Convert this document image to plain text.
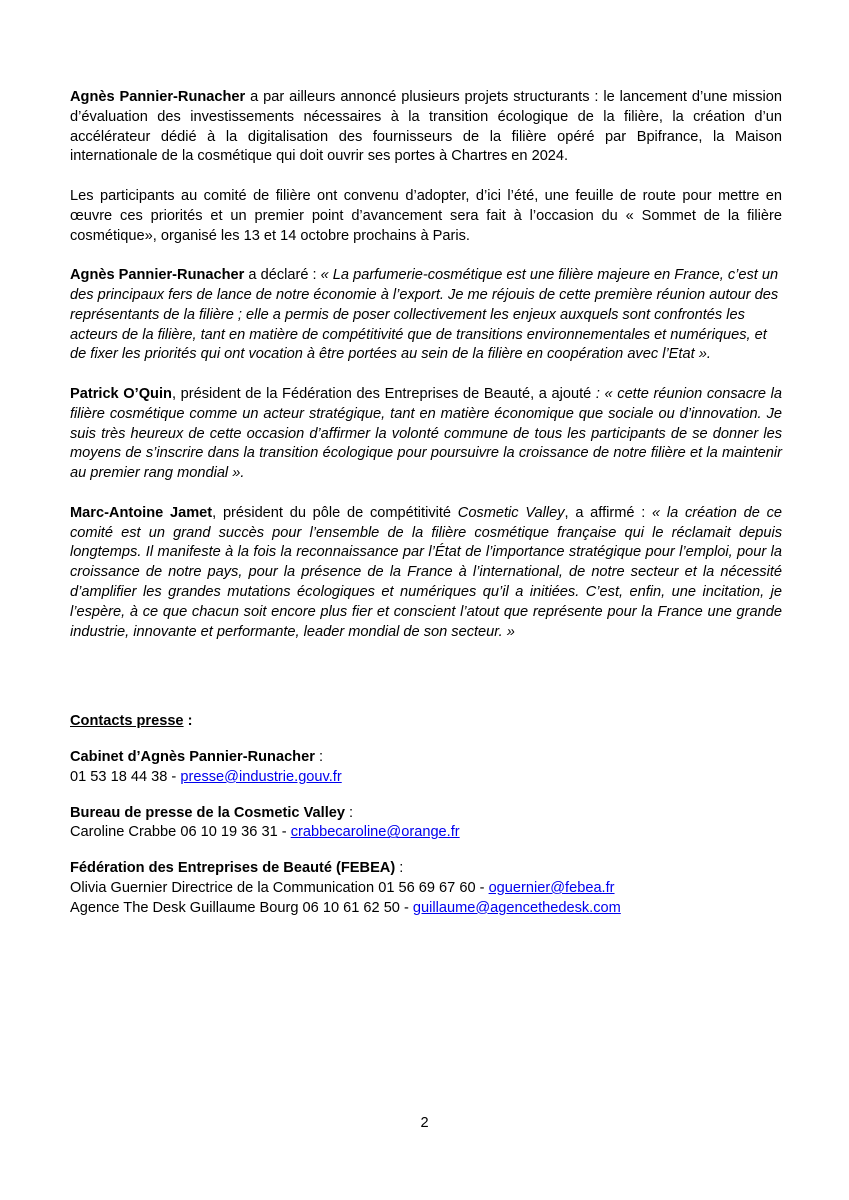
Agnès Pannier-Runacher a par ailleurs annoncé plusieurs projets structurants : le lancement d’une mission d’évaluation des investissements nécessaires à la transition écologique de la filière, la création d’un accélérateur dédié à la digitalisation des fournisseurs de la filière opéré par Bpifrance, la Maison internationale de la cosmétique qui doit ouvrir ses portes à Chartres en 2024.

Les participants au comité de filière ont convenu d’adopter, d’ici l’été, une feuille de route pour mettre en œuvre ces priorités et un premier point d’avancement sera fait à l’occasion du « Sommet de la filière cosmétique», organisé les 13 et 14 octobre prochains à Paris.

Agnès Pannier-Runacher a déclaré : « La parfumerie-cosmétique est une filière majeure en France, c’est un des principaux fers de lance de notre économie à l’export. Je me réjouis de cette première réunion autour des représentants de la filière ; elle a permis de poser collectivement les enjeux auxquels sont confrontés les acteurs de la filière, tant en matière de compétitivité que de transitions environnementales et numériques, et de fixer les priorités qui ont vocation à être portées au sein de la filière en coopération avec l’Etat ».

Patrick O’Quin, président de la Fédération des Entreprises de Beauté, a ajouté : « cette réunion consacre la filière cosmétique comme un acteur stratégique, tant en matière économique que sociale ou d’innovation. Je suis très heureux de cette occasion d’affirmer la volonté commune de tous les participants de se donner les moyens de s’inscrire dans la transition écologique pour poursuivre la croissance de notre filière et la maintenir au premier rang mondial ».

Marc-Antoine Jamet, président du pôle de compétitivité Cosmetic Valley, a affirmé : « la création de ce comité est un grand succès pour l’ensemble de la filière cosmétique française qui le réclamait depuis longtemps. Il manifeste à la fois la reconnaissance par l’État de l’importance stratégique pour l’emploi, pour la croissance de notre pays, pour la présence de la France à l’international, de notre secteur et la nécessité d’amplifier les grandes mutations écologiques et numériques qu’il a initiées. C’est, enfin, une incitation, je l’espère, à ce que chacun soit encore plus fier et conscient l’atout que représente pour la France une grande industrie, innovante et performante, leader mondial de son secteur. »

Contacts presse :
Cabinet d’Agnès Pannier-Runacher :
01 53 18 44 38 - presse@industrie.gouv.fr
Bureau de presse de la Cosmetic Valley :
Caroline Crabbe 06 10 19 36 31 - crabbecaroline@orange.fr
Fédération des Entreprises de Beauté (FEBEA) :
Olivia Guernier Directrice de la Communication 01 56 69 67 60 - oguernier@febea.fr
Agence The Desk Guillaume Bourg 06 10 61 62 50 - guillaume@agencethedesk.com
2
